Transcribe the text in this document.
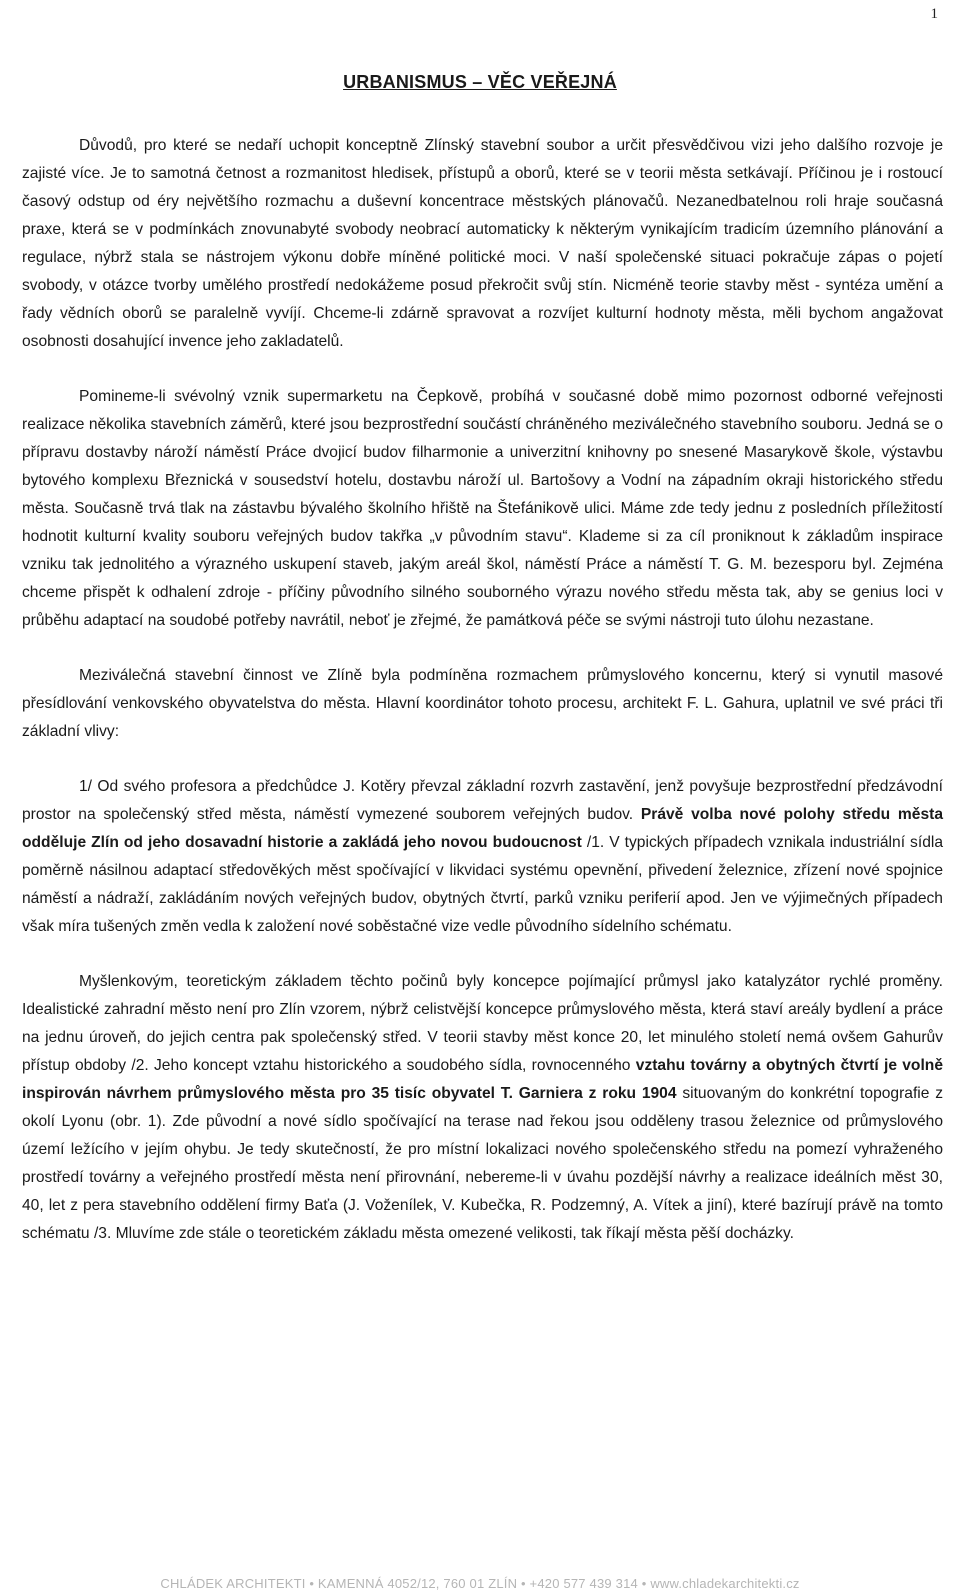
1
URBANISMUS – VĚC VEŘEJNÁ

Důvodů, pro které se nedaří uchopit konceptně Zlínský stavební soubor a určit přesvědčivou vizi jeho dalšího rozvoje je zajisté více. Je to samotná četnost a rozmanitost hledisek, přístupů a oborů, které se v teorii města setkávají. Příčinou je i rostoucí časový odstup od éry největšího rozmachu a duševní koncentrace městských plánovačů. Nezanedbatelnou roli hraje současná praxe, která se v podmínkách znovunabyté svobody neobrací automaticky k některým vynikajícím tradicím územního plánování a regulace, nýbrž stala se nástrojem výkonu dobře míněné politické moci. V naší společenské situaci pokračuje zápas o pojetí svobody, v otázce tvorby umělého prostředí nedokážeme posud překročit svůj stín. Nicméně teorie stavby měst - syntéza umění a řady vědních oborů se paralelně vyvíjí. Chceme-li zdárně spravovat a rozvíjet kulturní hodnoty města, měli bychom angažovat osobnosti dosahující invence jeho zakladatelů.

Pomineme-li svévolný vznik supermarketu na Čepkově, probíhá v současné době mimo pozornost odborné veřejnosti realizace několika stavebních záměrů, které jsou bezprostřední součástí chráněného meziválečného stavebního souboru. Jedná se o přípravu dostavby nároží náměstí Práce dvojicí budov filharmonie a univerzitní knihovny po snesené Masarykově škole, výstavbu bytového komplexu Březnická v sousedství hotelu, dostavbu nároží ul. Bartošovy a Vodní na západním okraji historického středu města. Současně trvá tlak na zástavbu bývalého školního hřiště na Štefánikově ulici. Máme zde tedy jednu z posledních příležitostí hodnotit kulturní kvality souboru veřejných budov takřka „v původním stavu“. Klademe si za cíl proniknout k základům inspirace vzniku tak jednolitého a výrazného uskupení staveb, jakým areál škol, náměstí Práce a náměstí T. G. M. bezesporu byl. Zejména chceme přispět k odhalení zdroje - příčiny původního silného souborného výrazu nového středu města tak, aby se genius loci v průběhu adaptací na soudobé potřeby navrátil, neboť je zřejmé, že památková péče se svými nástroji tuto úlohu nezastane.

Meziválečná stavební činnost ve Zlíně byla podmíněna rozmachem průmyslového koncernu, který si vynutil masové přesídlování venkovského obyvatelstva do města. Hlavní koordinátor tohoto procesu, architekt F. L. Gahura, uplatnil ve své práci tři základní vlivy:

1/ Od svého profesora a předchůdce J. Kotěry převzal základní rozvrh zastavění, jenž povyšuje bezprostřední předzávodní prostor na společenský střed města, náměstí vymezené souborem veřejných budov. Právě volba nové polohy středu města odděluje Zlín od jeho dosavadní historie a zakládá jeho novou budoucnost /1. V typických případech vznikala industriální sídla poměrně násilnou adaptací středověkých měst spočívající v likvidaci systému opevnění, přivedení železnice, zřízení nové spojnice náměstí a nádraží, zakládáním nových veřejných budov, obytných čtvrtí, parků vzniku periferií apod. Jen ve výjimečných případech však míra tušených změn vedla k založení nové soběstačné vize vedle původního sídelního schématu.

Myšlenkovým, teoretickým základem těchto počinů byly koncepce pojímající průmysl jako katalyzátor rychlé proměny. Idealistické zahradní město není pro Zlín vzorem, nýbrž celistvější koncepce průmyslového města, která staví areály bydlení a práce na jednu úroveň, do jejich centra pak společenský střed. V teorii stavby měst konce 20, let minulého století nemá ovšem Gahurův přístup obdoby /2. Jeho koncept vztahu historického a soudobého sídla, rovnocenného vztahu továrny a obytných čtvrtí je volně inspirován návrhem průmyslového města pro 35 tisíc obyvatel T. Garniera z roku 1904 situovaným do konkrétní topografie z okolí Lyonu (obr. 1). Zde původní a nové sídlo spočívající na terase nad řekou jsou odděleny trasou železnice od průmyslového území ležícího v jejím ohybu. Je tedy skutečností, že pro místní lokalizaci nového společenského středu na pomezí vyhraženého prostředí továrny a veřejného prostředí města není přirovnání, nebereme-li v úvahu pozdější návrhy a realizace ideálních měst 30, 40, let z pera stavebního oddělení firmy Baťa (J. Voženílek, V. Kubečka, R. Podzemný, A. Vítek a jiní), které bazírují právě na tomto schématu /3. Mluvíme zde stále o teoretickém základu města omezené velikosti, tak říkají města pěší docházky.

CHLÁDEK ARCHITEKTI • KAMENNÁ 4052/12, 760 01 ZLÍN • +420 577 439 314 • www.chladekarchitekti.cz
